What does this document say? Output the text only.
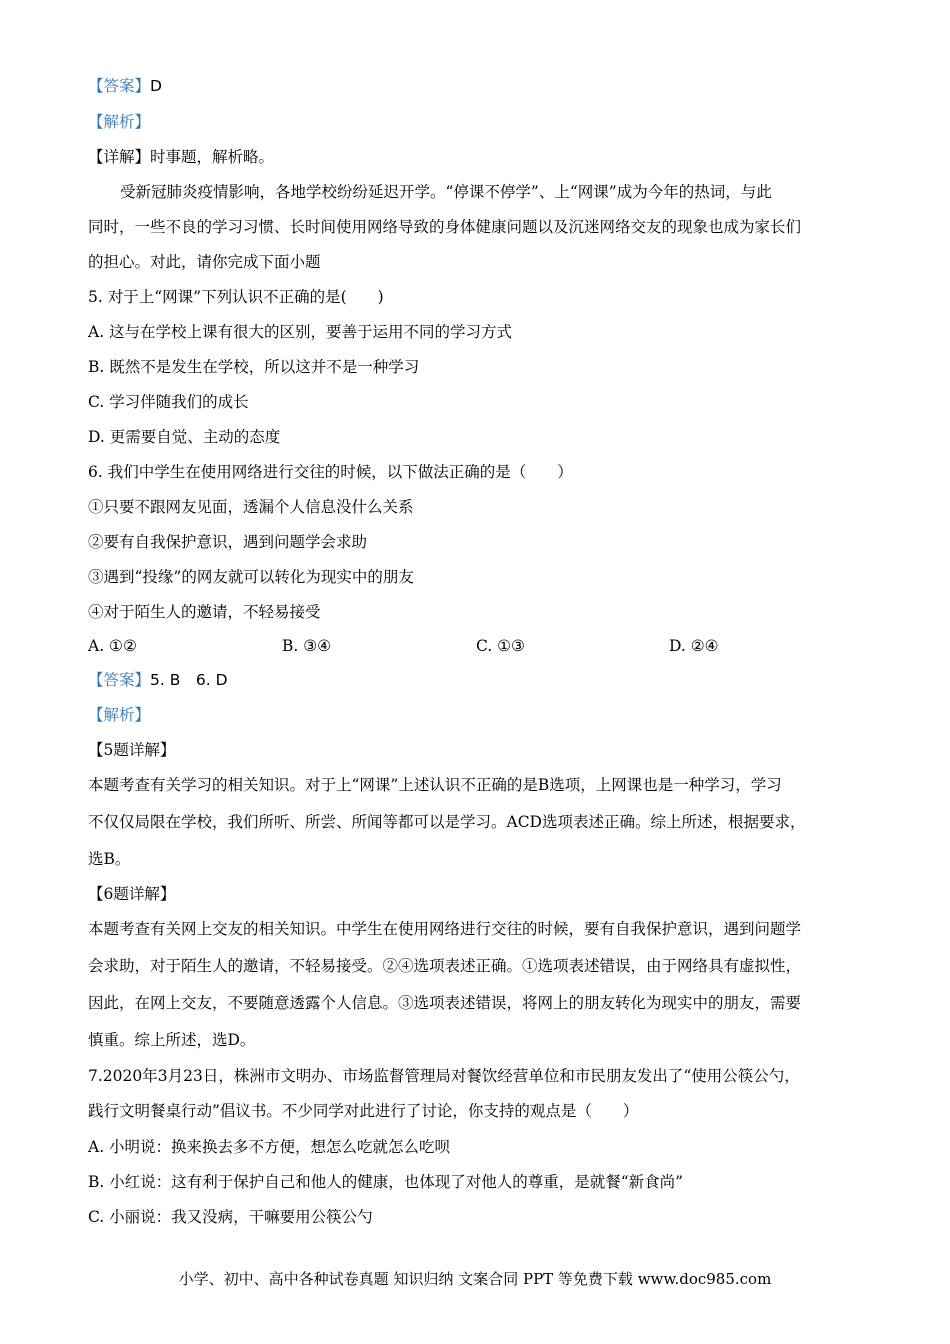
【答案】D
【解析】
【详解】时事题，解析略。
受新冠肺炎疫情影响，各地学校纷纷延迟开学。“停课不停学”、上“网课”成为今年的热词，与此
同时，一些不良的学习习惯、长时间使用网络导致的身体健康问题以及沉迷网络交友的现象也成为家长们
的担心。对此，请你完成下面小题
5. 对于上“网课”下列认识不正确的是(　　)
A. 这与在学校上课有很大的区别，要善于运用不同的学习方式
B. 既然不是发生在学校，所以这并不是一种学习
C. 学习伴随我们的成长
D. 更需要自觉、主动的态度
6. 我们中学生在使用网络进行交往的时候，以下做法正确的是（　　）
①只要不跟网友见面，透漏个人信息没什么关系
②要有自我保护意识，遇到问题学会求助
③遇到“投缘”的网友就可以转化为现实中的朋友
④对于陌生人的邀请，不轻易接受
A. ①②	B. ③④	C. ①③	D. ②④
【答案】5. B　6. D
【解析】
【5题详解】
本题考查有关学习的相关知识。对于上“网课”上述认识不正确的是B选项，上网课也是一种学习，学习
不仅仅局限在学校，我们所听、所尝、所闻等都可以是学习。ACD选项表述正确。综上所述，根据要求，
选B。
【6题详解】
本题考查有关网上交友的相关知识。中学生在使用网络进行交往的时候，要有自我保护意识，遇到问题学
会求助，对于陌生人的邀请，不轻易接受。②④选项表述正确。①选项表述错误，由于网络具有虚拟性，
因此，在网上交友，不要随意透露个人信息。③选项表述错误，将网上的朋友转化为现实中的朋友，需要
慎重。综上所述，选D。
7.2020年3月23日，株洲市文明办、市场监督管理局对餐饮经营单位和市民朋友发出了“使用公筷公勺，
践行文明餐桌行动”倡议书。不少同学对此进行了讨论，你支持的观点是（　　）
A. 小明说：换来换去多不方便，想怎么吃就怎么吃呗
B. 小红说：这有利于保护自己和他人的健康，也体现了对他人的尊重，是就餐“新食尚”
C. 小丽说：我又没病，干嘛要用公筷公勺
小学、初中、高中各种试卷真题 知识归纳 文案合同 PPT 等免费下载 www.doc985.com
